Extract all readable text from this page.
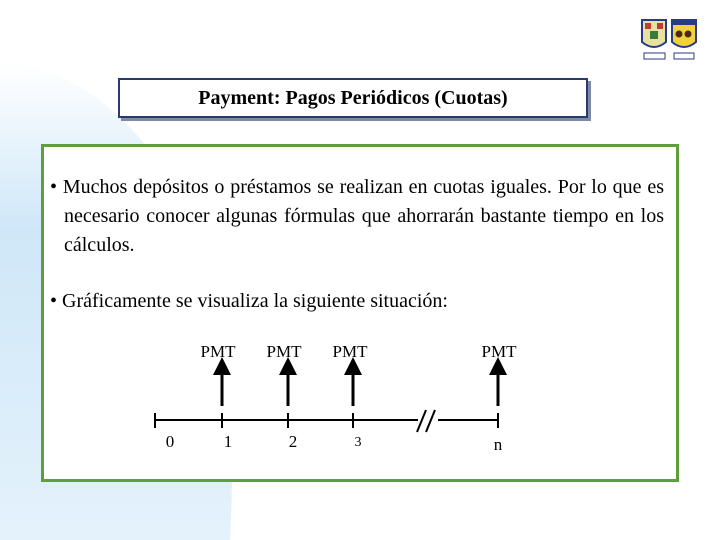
Payment: Pagos Periódicos (Cuotas)
• Muchos depósitos o préstamos se realizan en cuotas iguales. Por lo que es necesario conocer algunas fórmulas que ahorrarán bastante tiempo en los cálculos.
• Gráficamente se visualiza la siguiente situación:
PMT PMT PMT	PMT
0	1	2	3	n
